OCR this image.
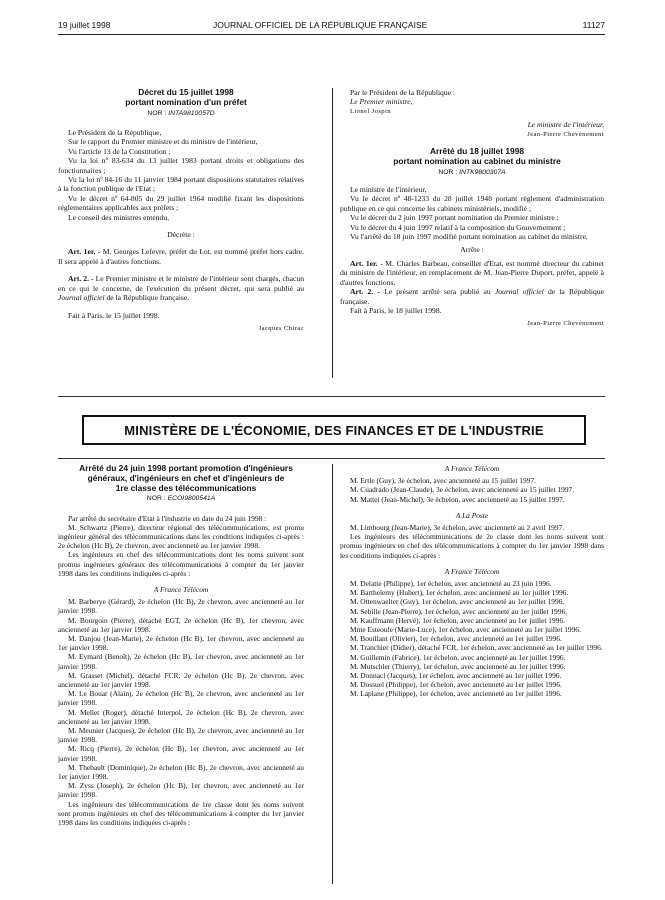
19 juillet 1998	JOURNAL OFFICIEL DE LA RÉPUBLIQUE FRANÇAISE	11127

Décret du 15 juillet 1998

portant nomination d'un préfet

NOR : INTA9810057D

Le Président de la République,

Sur le rapport du Premier ministre et du ministre de l'intérieur,

Vu l'article 13 de la Constitution ;

Vu la loi nº 83-634 du 13 juillet 1983 portant droits et obligations des fonctionnaires ;

Vu la loi nº 84-16 du 11 janvier 1984 portant dispositions statutaires relatives à la fonction publique de l'Etat ;

Vu le décret nº 64-805 du 29 juillet 1964 modifié fixant les dispositions réglementaires applicables aux préfets ;

Le conseil des ministres entendu,

Décrète :

Art. 1er. - M. Georges Lefevre, préfet du Lot, est nommé préfet hors cadre. Il sera appelé à d'autres fonctions.

Art. 2. - Le Premier ministre et le ministre de l'intérieur sont chargés, chacun en ce qui le concerne, de l'exécution du présent décret, qui sera publié au Journal officiel de la République française.

Fait à Paris, le 15 juillet 1998.

Jacques Chirac

Par le Président de la République :

Le Premier ministre,

Lionel Jospin

Le ministre de l'intérieur,

Jean-Pierre Chevènement

Arrêté du 18 juillet 1998

portant nomination au cabinet du ministre

NOR : INTK9800307A

Le ministre de l'intérieur,

Vu le décret nº 48-1233 du 28 juillet 1948 portant règlement d'administration publique en ce qui concerne les cabinets ministériels, modifié ;

Vu le décret du 2 juin 1997 portant nomination du Premier ministre ;

Vu le décret du 4 juin 1997 relatif à la composition du Gouvernement ;

Vu l'arrêté du 18 juin 1997 modifié portant nomination au cabinet du ministre,

Arrête :

Art. 1er. - M. Charles Barbeau, conseiller d'Etat, est nommé directeur du cabinet du ministre de l'intérieur, en remplacement de M. Jean-Pierre Duport, préfet, appelé à d'autres fonctions.

Art. 2. - Le présent arrêté sera publié au Journal officiel de la République française.

Fait à Paris, le 18 juillet 1998.

Jean-Pierre Chevènement

MINISTÈRE DE L'ÉCONOMIE, DES FINANCES ET DE L'INDUSTRIE

Arrêté du 24 juin 1998 portant promotion d'ingénieurs

généraux, d'ingénieurs en chef et d'ingénieurs de

1re classe des télécommunications

NOR : ECOI9800541A

Par arrêté du secrétaire d'Etat à l'industrie en date du 24 juin 1998 :

M. Schwartz (Pierre), directeur régional des télécommunications, est promu ingénieur général des télécommunications dans les conditions indiquées ci-après : 2e échelon (Hc B), 2e chevron, avec ancienneté au 1er janvier 1998.

Les ingénieurs en chef des télécommunications dont les noms suivent sont promus ingénieurs généraux des télécommunications à compter du 1er janvier 1998 dans les conditions indiquées ci-après :

A France Télécom

M. Barberye (Gérard), 2e échelon (Hc B), 2e chevron, avec ancienneté au 1er janvier 1998.

M. Bourgoin (Pierre), détaché EGT, 2e échelon (Hc B), 1er chevron, avec ancienneté au 1er janvier 1998.

M. Danjou (Jean-Marie), 2e échelon (Hc B), 1er chevron, avec ancienneté au 1er janvier 1998.

M. Eymard (Benoît), 2e échelon (Hc B), 1er chevron, avec ancienneté au 1er janvier 1998.

M. Grasset (Michel), détaché FCR, 2e échelon (Hc B), 2e chevron, avec ancienneté au 1er janvier 1998.

M. Le Bouar (Alain), 2e échelon (Hc B), 2e chevron, avec ancienneté au 1er janvier 1998.

M. Mellet (Roger), détaché Interpol, 2e échelon (Hc B), 2e chevron, avec ancienneté au 1er janvier 1998.

M. Meunier (Jacques), 2e échelon (Hc B), 2e chevron, avec ancienneté au 1er janvier 1998.

M. Ricq (Pierre), 2e échelon (Hc B), 1er chevron, avec ancienneté au 1er janvier 1998.

M. Thebault (Dominique), 2e échelon (Hc B), 2e chevron, avec ancienneté au 1er janvier 1998.

M. Zyss (Joseph), 2e échelon (Hc B), 1er chevron, avec ancienneté au 1er janvier 1998.

Les ingénieurs des télécommunications de 1re classe dont les noms suivent sont promus ingénieurs en chef des télécommunications à compter du 1er janvier 1998 dans les conditions indiquées ci-après :

A France Télécom

M. Ertle (Guy), 3e échelon, avec ancienneté au 15 juillet 1997.

M. Cuadrado (Jean-Claude), 3e échelon, avec ancienneté au 15 juillet 1997.

M. Mattei (Jean-Michel), 3e échelon, avec ancienneté au 15 juillet 1997.

A La Poste

M. Limbourg (Jean-Marie), 3e échelon, avec ancienneté au 2 avril 1997.

Les ingénieurs des télécommunications de 2e classe dont les noms suivent sont promus ingénieurs en chef des télécommunications à compter du 1er janvier 1998 dans les conditions indiquées ci-après :

A France Télécom

M. Delatte (Philippe), 1er échelon, avec ancienneté au 23 juin 1996.

M. Barthelemy (Hubert), 1er échelon, avec ancienneté au 1er juillet 1996.

M. Ottenwaelter (Guy), 1er échelon, avec ancienneté au 1er juillet 1996.

M. Sebille (Jean-Pierre), 1er échelon, avec ancienneté au 1er juillet 1996.

M. Kauffmann (Hervé), 1er échelon, avec ancienneté au 1er juillet 1996.

Mme Esteoule (Marie-Luce), 1er échelon, avec ancienneté au 1er juillet 1996.

M. Bouillant (Olivier), 1er échelon, avec ancienneté au 1er juillet 1996.

M. Tranchier (Didier), détaché FCR, 1er échelon, avec ancienneté au 1er juillet 1996.

M. Guillemin (Fabrice), 1er échelon, avec ancienneté au 1er juillet 1996.

M. Mutschler (Thierry), 1er échelon, avec ancienneté au 1er juillet 1996.

M. Donnacl (Jacques), 1er échelon, avec ancienneté au 1er juillet 1996.

M. Dossuel (Philippe), 1er échelon, avec ancienneté au 1er juillet 1996.

M. Laplane (Philippe), 1er échelon, avec ancienneté au 1er juillet 1996.
